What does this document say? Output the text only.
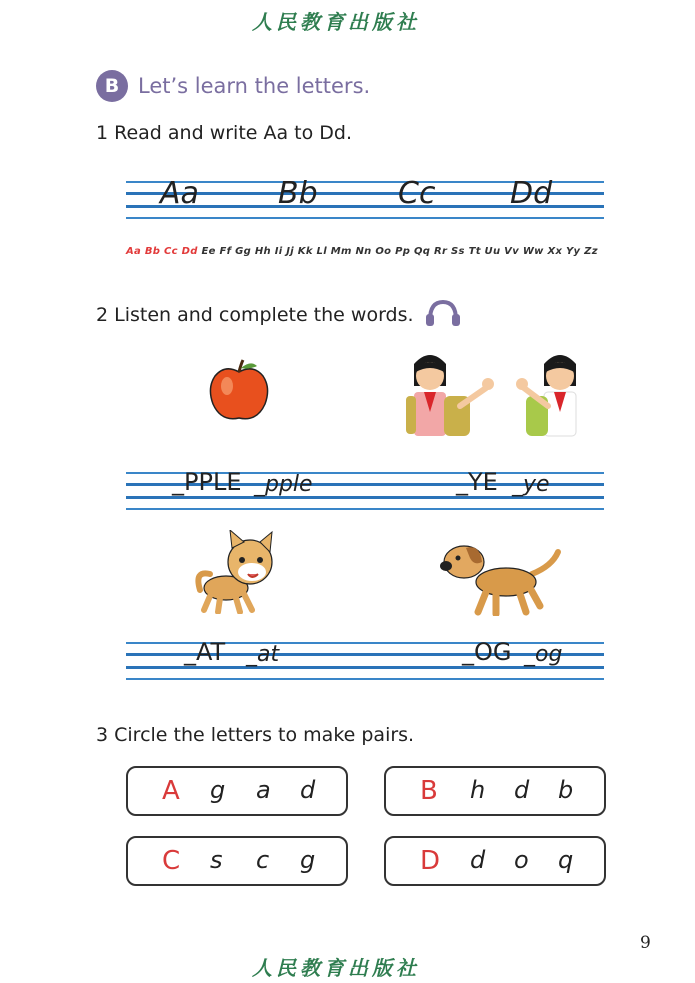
人民教育出版社
B Let’s learn the letters.
1 Read and write Aa to Dd.
Aa	Bb	Cc Dd
Aa Bb Cc Dd Ee Ff Gg Hh Ii Jj Kk Ll Mm Nn Oo Pp Qq Rr Ss Tt Uu Vv Ww Xx Yy Zz
2 Listen and complete the words.
_PPLE _pple	_YE _ye
_AT _at	_OG _og
3 Circle the letters to make pairs.
A g a d	B h d b
C s c g	D d o q
9
人民教育出版社
